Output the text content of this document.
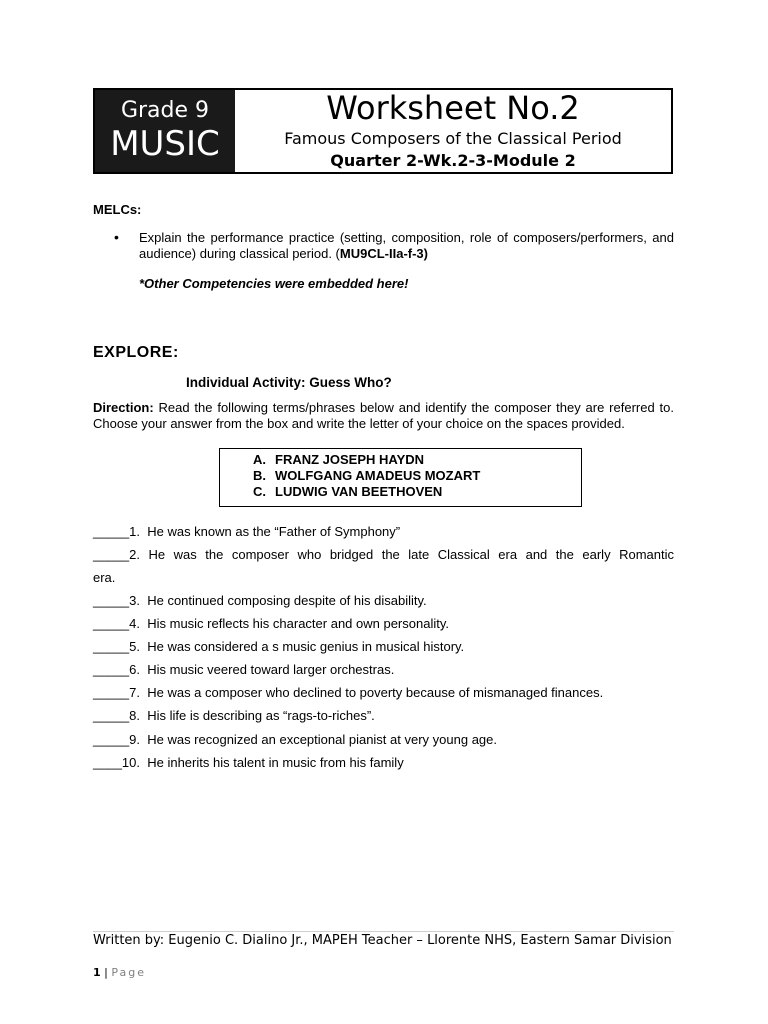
Grade 9
MUSIC
Worksheet No.2
Famous Composers of the Classical Period
Quarter 2-Wk.2-3-Module 2
MELCs:
• Explain the performance practice (setting, composition, role of composers/performers, and audience) during classical period. (MU9CL-IIa-f-3)
*Other Competencies were embedded here!
EXPLORE:
Individual Activity: Guess Who?
Direction: Read the following terms/phrases below and identify the composer they are referred to. Choose your answer from the box and write the letter of your choice on the spaces provided.
A. FRANZ JOSEPH HAYDN
B. WOLFGANG AMADEUS MOZART
C. LUDWIG VAN BEETHOVEN
_____1.  He was known as the “Father of Symphony”
_____2. He was the composer who bridged the late Classical era and the early Romantic
era.
_____3.  He continued composing despite of his disability.
_____4.  His music reflects his character and own personality.
_____5.  He was considered a s music genius in musical history.
_____6.  His music veered toward larger orchestras.
_____7.  He was a composer who declined to poverty because of mismanaged finances.
_____8.  His life is describing as “rags-to-riches”.
_____9.  He was recognized an exceptional pianist at very young age.
____10.  He inherits his talent in music from his family
Written by: Eugenio C. Dialino Jr., MAPEH Teacher – Llorente NHS, Eastern Samar Division
1 | Page
